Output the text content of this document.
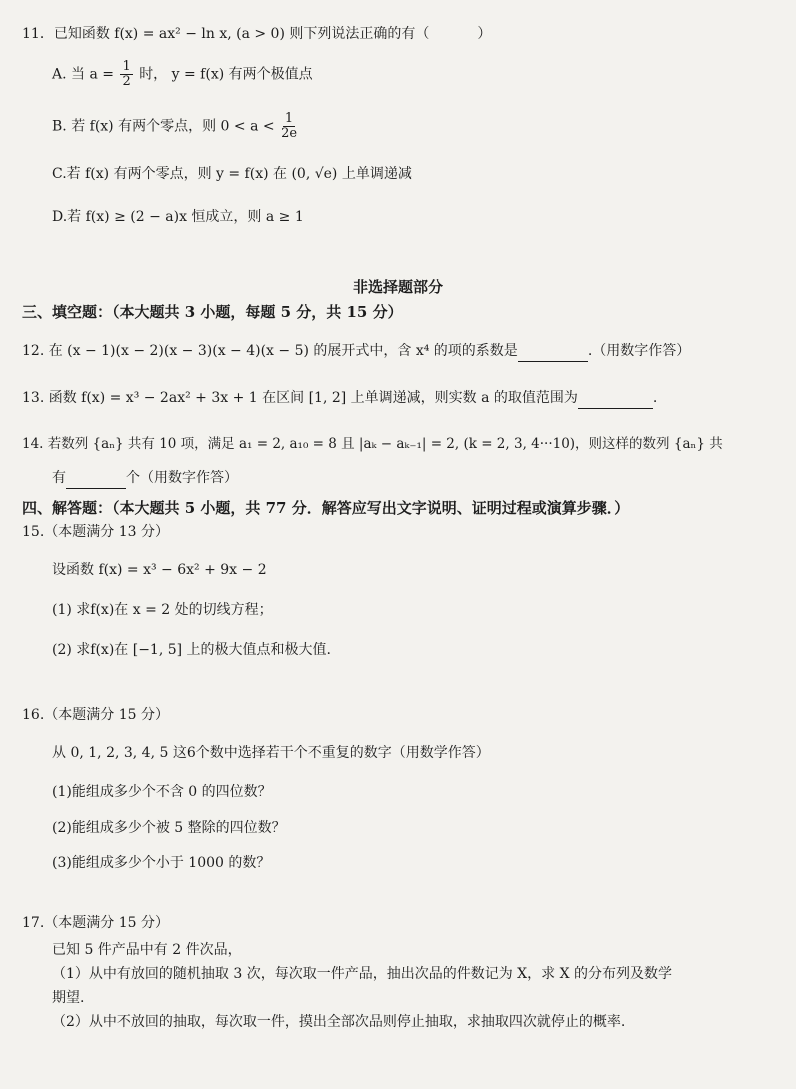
11．已知函数 f(x) = ax² − ln x, (a > 0) 则下列说法正确的有（	）
A. 当 $a = \frac{1}{2}$ 时， y = f(x) 有两个极值点
B. 若 f(x) 有两个零点，则 $0 < a < \frac{1}{2e}$
C.若 f(x) 有两个零点，则 y = f(x) 在 (0, √e) 上单调递减
D.若 f(x) ≥ (2 − a)x 恒成立，则 a ≥ 1
非选择题部分
三、填空题：（本大题共 3 小题，每题 5 分，共 15 分）
12. 在 (x − 1)(x − 2)(x − 3)(x − 4)(x − 5) 的展开式中，含 x⁴ 的项的系数是	.（用数字作答）
13. 函数 f(x) = x³ − 2ax² + 3x + 1 在区间 [1, 2] 上单调递减，则实数 a 的取值范围为	.
14. 若数列 {aₙ} 共有 10 项，满足 a₁ = 2, a₁₀ = 8 且 |aₖ − aₖ₋₁| = 2, (k = 2, 3, 4···10)，则这样的数列 {aₙ} 共
有	个（用数字作答）
四、解答题：（本大题共 5 小题，共 77 分．解答应写出文字说明、证明过程或演算步骤．）
15.（本题满分 13 分）
设函数 f(x) = x³ − 6x² + 9x − 2
(1) 求f(x)在 x = 2 处的切线方程；
(2) 求f(x)在 [−1, 5] 上的极大值点和极大值.
16.（本题满分 15 分）
从 0, 1, 2, 3, 4, 5 这6个数中选择若干个不重复的数字（用数学作答）
(1)能组成多少个不含 0 的四位数？
(2)能组成多少个被 5 整除的四位数？
(3)能组成多少个小于 1000 的数？
17.（本题满分 15 分）
已知 5 件产品中有 2 件次品，
（1）从中有放回的随机抽取 3 次，每次取一件产品，抽出次品的件数记为 X，求 X 的分布列及数学
期望.
（2）从中不放回的抽取，每次取一件，摸出全部次品则停止抽取，求抽取四次就停止的概率.
